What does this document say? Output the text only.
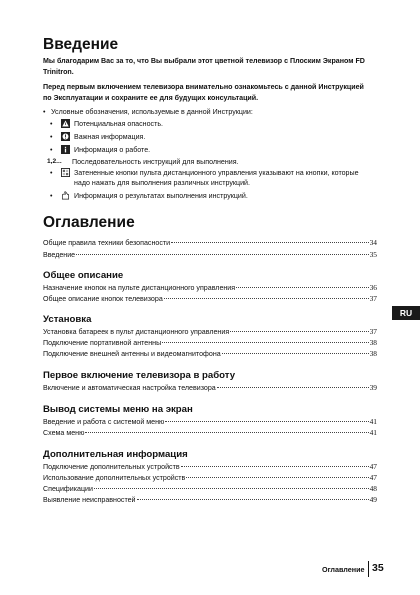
Введение

Мы благодарим Вас за то, что Вы выбрали этот цветной телевизор с Плоским Экраном FD Trinitron.

Перед первым включением телевизора внимательно ознакомьтесь с данной Инструкцией по Эксплуатации и сохраните ее для будущих консультаций.

• Условные обозначения, используемые в данной Инструкции:
•	Потенциальная опасность.
•	Важная информация.
•	Информация о работе.
1,2... Последовательность инструкций для выполнения.
•	Затененные кнопки пульта дистанционного управления указывают на кнопки, которые надо нажать для выполнения различных инструкций.
•	Информация о результатах выполнения инструкций.
Оглавление
Общие правила техники безопасности	34
Введение	35
Общее описание
Назначение кнопок на пульте дистанционного управления	36
Общее описание кнопок телевизора	37
Установка
Установка батареек в пульт дистанционного управления	37
Подключение портативной антенны	38
Подключение внешней антенны и видеомагнитофона	38
Первое включение телевизора в работу
Включение и автоматическая настройка телевизора	39
Вывод системы меню на экран
Введение и работа с системой меню	41
Схема меню	41
Дополнительная информация
Подключение дополнительных устройств	47
Использование дополнительных устройств	47
Спецификации	48
Выявление неисправностей	49
RU
Оглавление 35
